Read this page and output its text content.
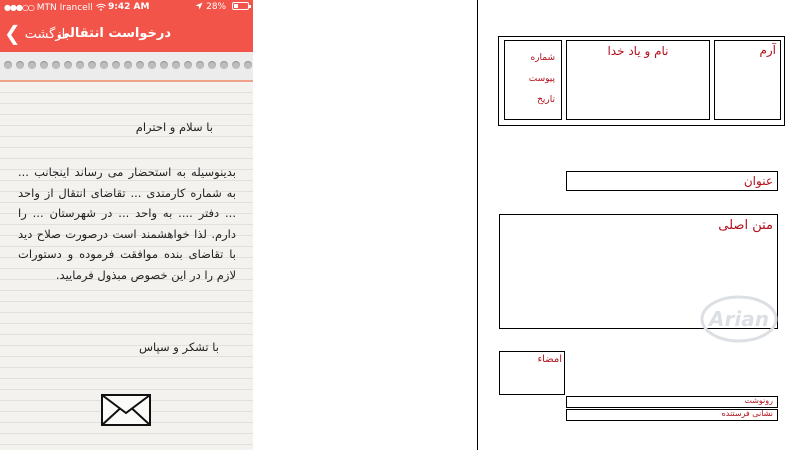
●●●○○ MTN Irancell	9:42 AM	28%
❮ بازگشت
درخواست انتقالی
با سلام و احترام
بدینوسیله به استحضار می رساند اینجانب ... به شماره کارمندی ... تقاضای انتقال از واحد ... دفتر .... به واحد ... در شهرستان ... را دارم. لذا خواهشمند است درصورت صلاح دید با تقاضای بنده موافقت فرموده و دستورات لازم را در این خصوص مبذول فرمایید.
با تشکر و سپاس
آرم
نام و یاد خدا
شماره
پیوست
تاریخ
عنوان
متن اصلی
امضاء
رونوشت
نشانی فرستنده
Arian
